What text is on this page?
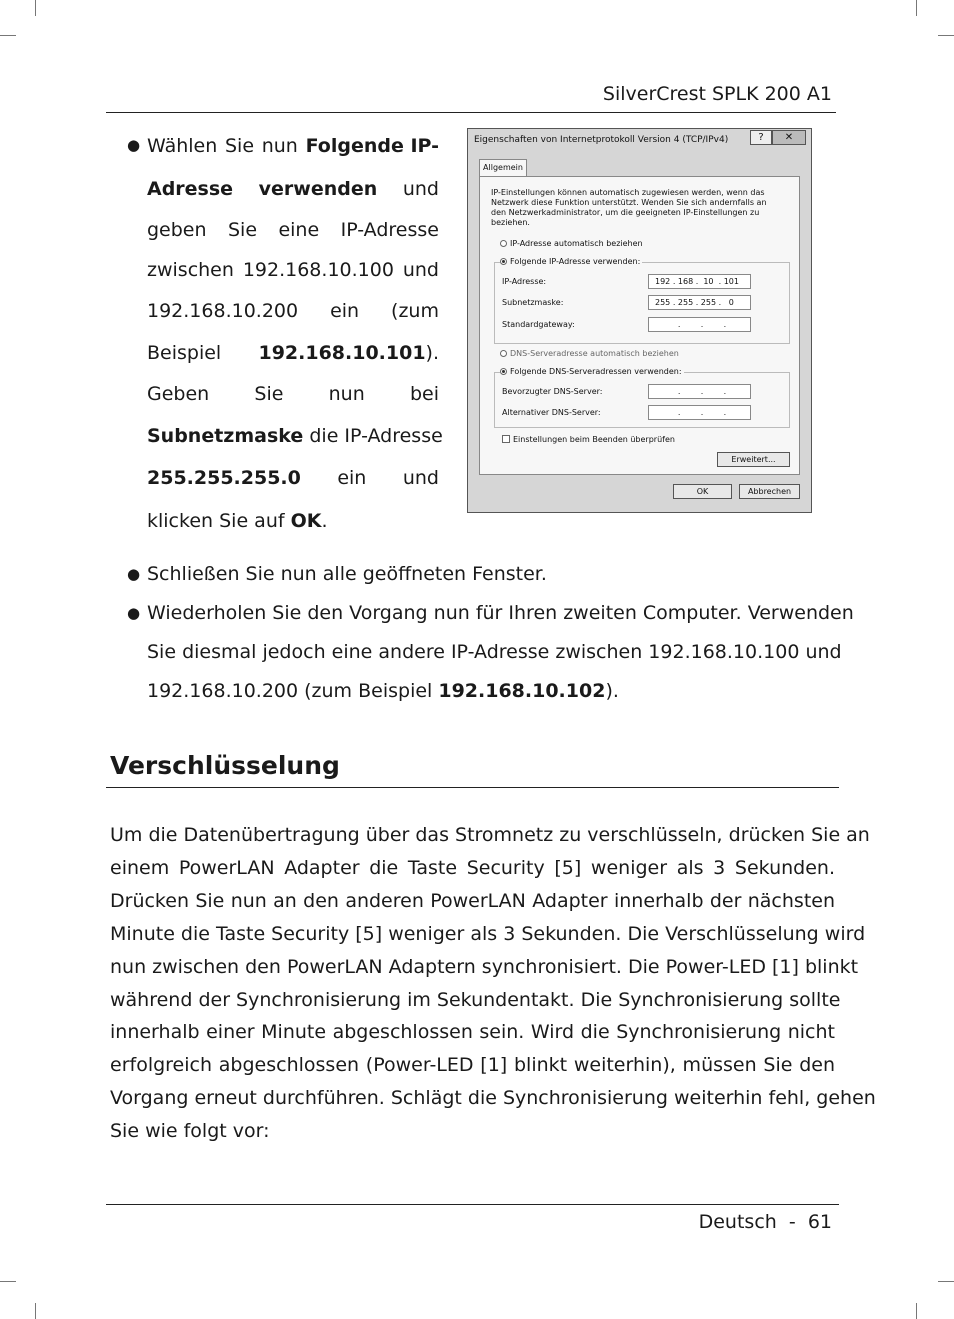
SilverCrest SPLK 200 A1
● Wählen Sie nun Folgende IP-
Adresse verwenden und
geben Sie eine IP-Adresse
zwischen 192.168.10.100 und
192.168.10.200 ein (zum
Beispiel 192.168.10.101).
Geben Sie nun bei
Subnetzmaske die IP-Adresse
255.255.255.0 ein und
klicken Sie auf OK.
Eigenschaften von Internetprotokoll Version 4 (TCP/IPv4)	?	✕
Allgemein
IP-Einstellungen können automatisch zugewiesen werden, wenn das
Netzwerk diese Funktion unterstützt. Wenden Sie sich andernfalls an
den Netzwerkadministrator, um die geeigneten IP-Einstellungen zu
beziehen.
IP-Adresse automatisch beziehen
Folgende IP-Adresse verwenden:
IP-Adresse:	192 . 168 .  10  . 101
Subnetzmaske:	255 . 255 . 255 .   0
Standardgateway:	.        .        .
DNS-Serveradresse automatisch beziehen
Folgende DNS-Serveradressen verwenden:
Bevorzugter DNS-Server:	.        .        .
Alternativer DNS-Server:	.        .        .
Einstellungen beim Beenden überprüfen
Erweitert...
OK	Abbrechen
● Schließen Sie nun alle geöffneten Fenster.
● Wiederholen Sie den Vorgang nun für Ihren zweiten Computer. Verwenden
Sie diesmal jedoch eine andere IP-Adresse zwischen 192.168.10.100 und
192.168.10.200 (zum Beispiel 192.168.10.102).
Verschlüsselung
Um die Datenübertragung über das Stromnetz zu verschlüsseln, drücken Sie an
einem PowerLAN Adapter die Taste Security [5] weniger als 3 Sekunden.
Drücken Sie nun an den anderen PowerLAN Adapter innerhalb der nächsten
Minute die Taste Security [5] weniger als 3 Sekunden. Die Verschlüsselung wird
nun zwischen den PowerLAN Adaptern synchronisiert. Die Power-LED [1] blinkt
während der Synchronisierung im Sekundentakt. Die Synchronisierung sollte
innerhalb einer Minute abgeschlossen sein. Wird die Synchronisierung nicht
erfolgreich abgeschlossen (Power-LED [1] blinkt weiterhin), müssen Sie den
Vorgang erneut durchführen. Schlägt die Synchronisierung weiterhin fehl, gehen
Sie wie folgt vor:
Deutsch  -  61
